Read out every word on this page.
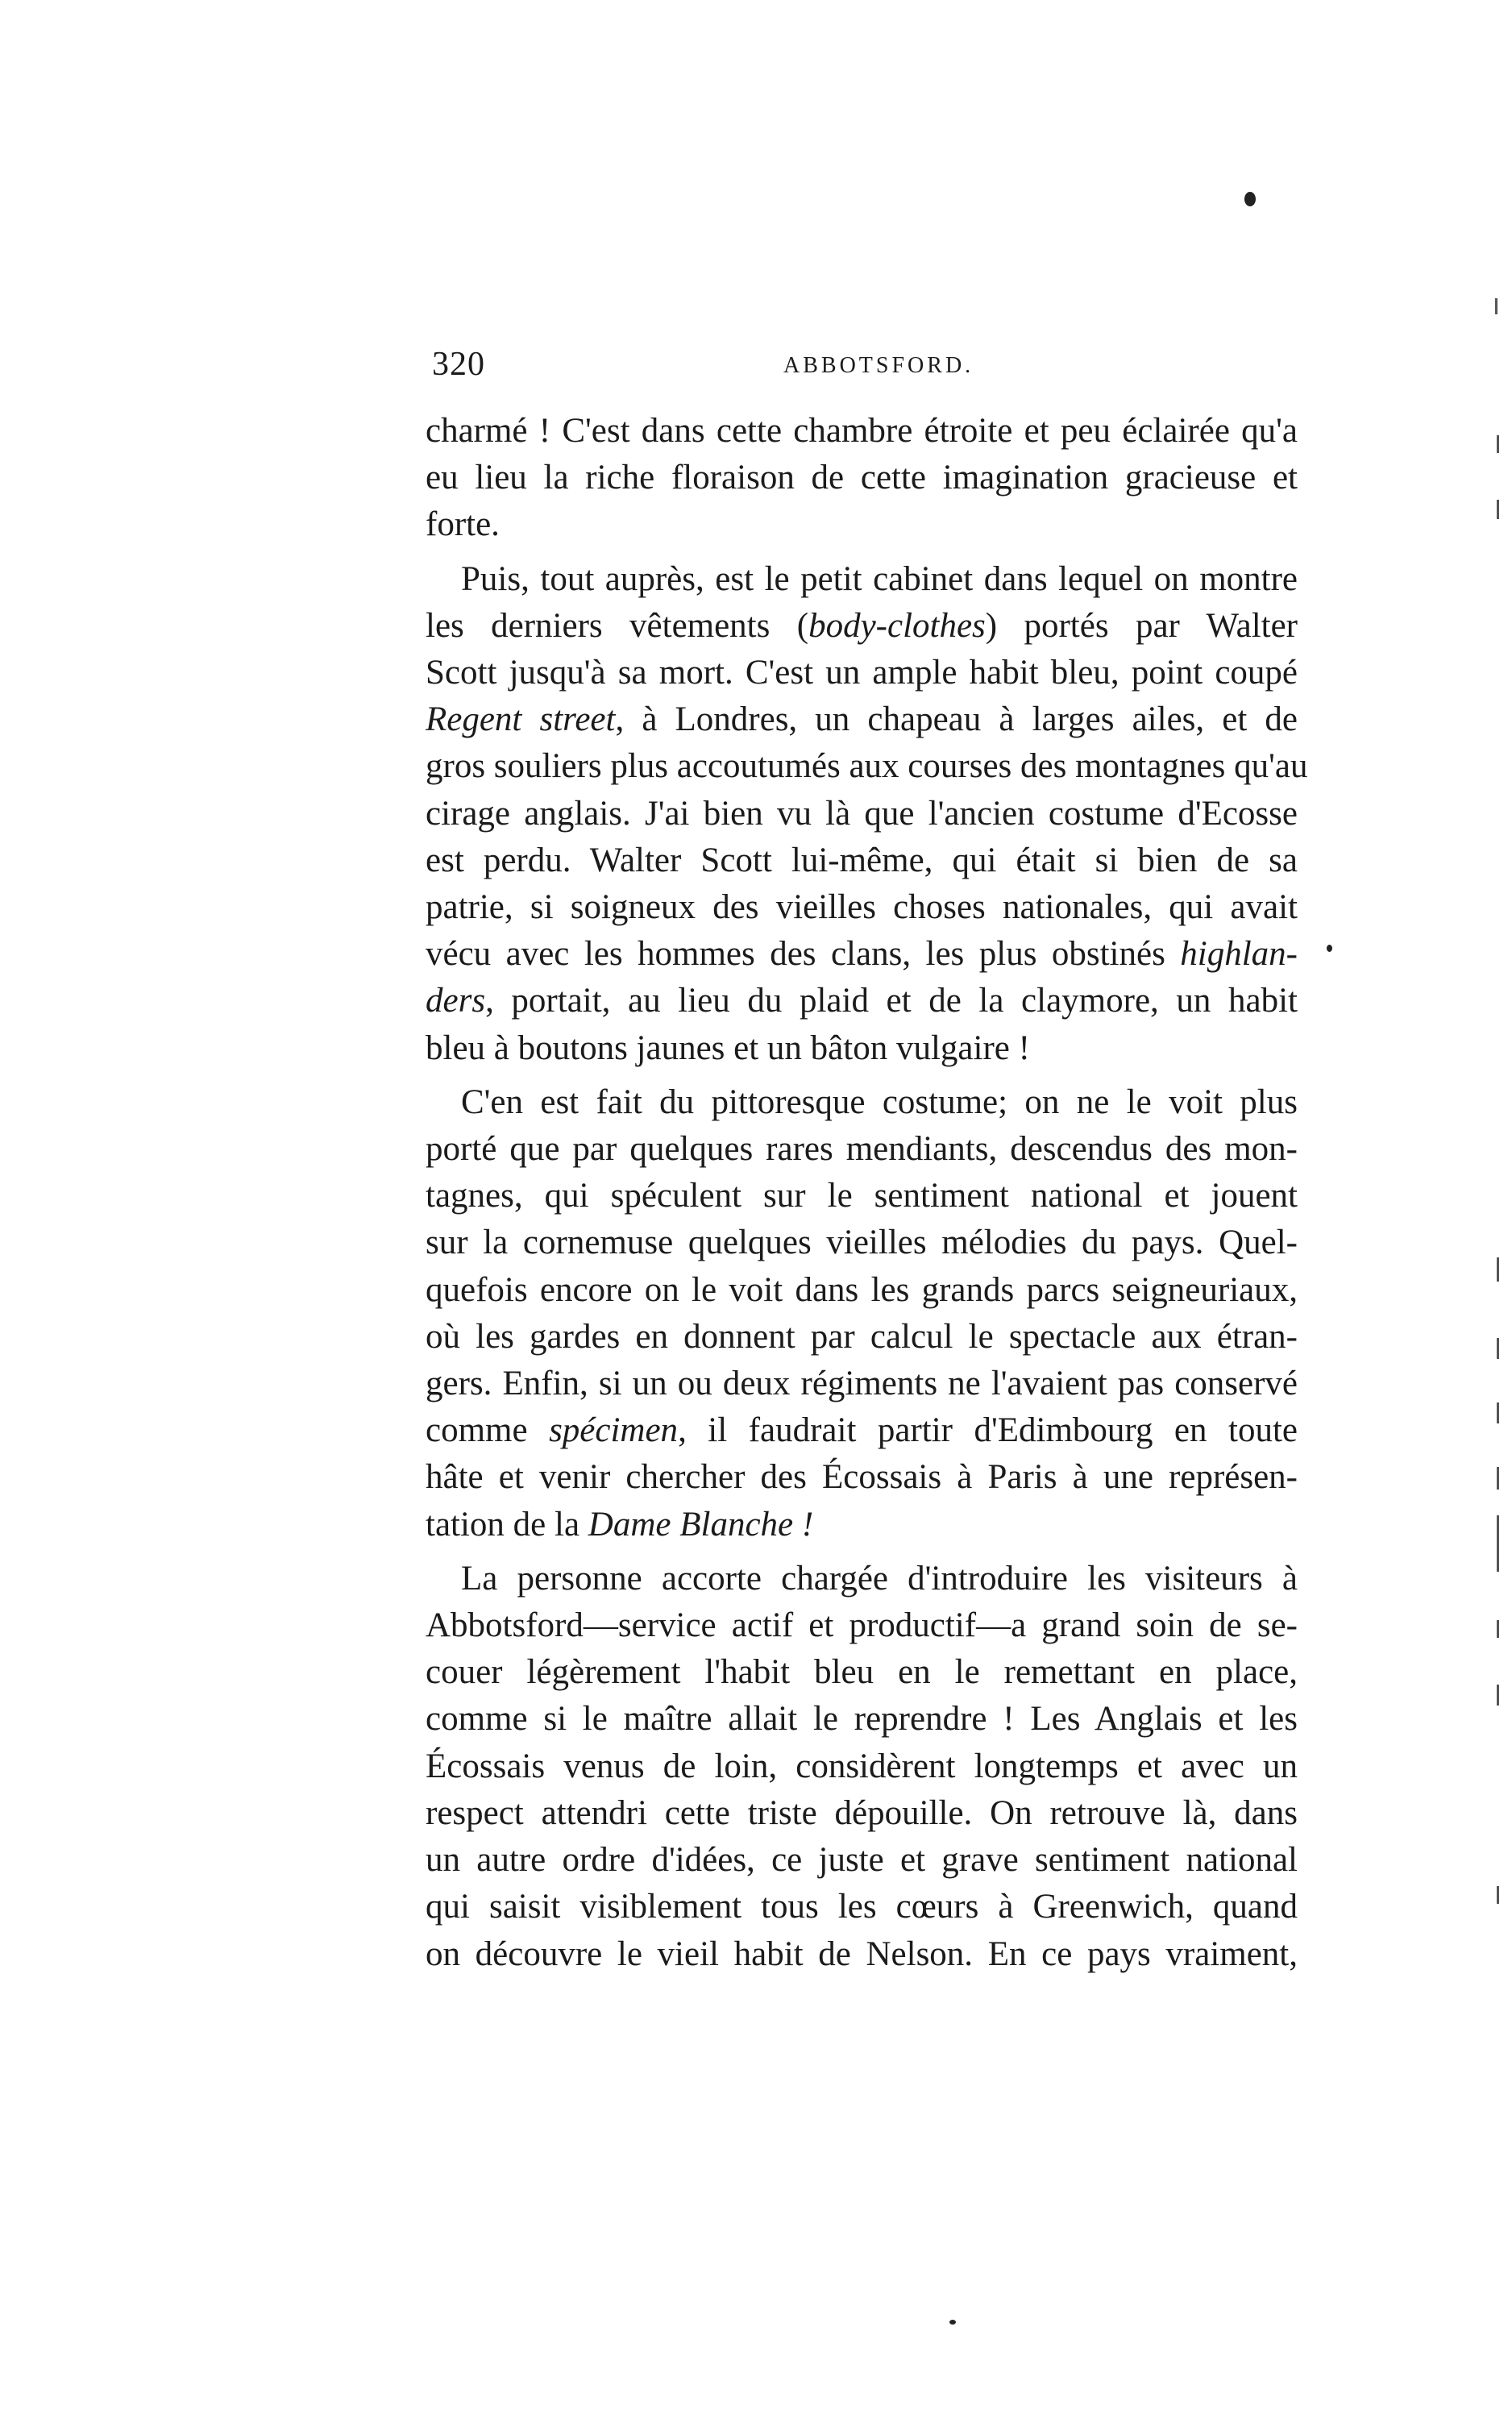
320	ABBOTSFORD.
charmé ! C'est dans cette chambre étroite et peu éclairée qu'a
eu lieu la riche floraison de cette imagination gracieuse et
forte.
Puis, tout auprès, est le petit cabinet dans lequel on montre
les derniers vêtements (body-clothes) portés par Walter
Scott jusqu'à sa mort. C'est un ample habit bleu, point coupé
Regent street, à Londres, un chapeau à larges ailes, et de
gros souliers plus accoutumés aux courses des montagnes qu'au
cirage anglais. J'ai bien vu là que l'ancien costume d'Ecosse
est perdu. Walter Scott lui-même, qui était si bien de sa
patrie, si soigneux des vieilles choses nationales, qui avait
vécu avec les hommes des clans, les plus obstinés highlan-
ders, portait, au lieu du plaid et de la claymore, un habit
bleu à boutons jaunes et un bâton vulgaire !
C'en est fait du pittoresque costume; on ne le voit plus
porté que par quelques rares mendiants, descendus des mon-
tagnes, qui spéculent sur le sentiment national et jouent
sur la cornemuse quelques vieilles mélodies du pays. Quel-
quefois encore on le voit dans les grands parcs seigneuriaux,
où les gardes en donnent par calcul le spectacle aux étran-
gers. Enfin, si un ou deux régiments ne l'avaient pas conservé
comme spécimen, il faudrait partir d'Edimbourg en toute
hâte et venir chercher des Écossais à Paris à une représen-
tation de la Dame Blanche !
La personne accorte chargée d'introduire les visiteurs à
Abbotsford—service actif et productif—a grand soin de se-
couer légèrement l'habit bleu en le remettant en place,
comme si le maître allait le reprendre ! Les Anglais et les
Écossais venus de loin, considèrent longtemps et avec un
respect attendri cette triste dépouille. On retrouve là, dans
un autre ordre d'idées, ce juste et grave sentiment national
qui saisit visiblement tous les cœurs à Greenwich, quand
on découvre le vieil habit de Nelson. En ce pays vraiment,
